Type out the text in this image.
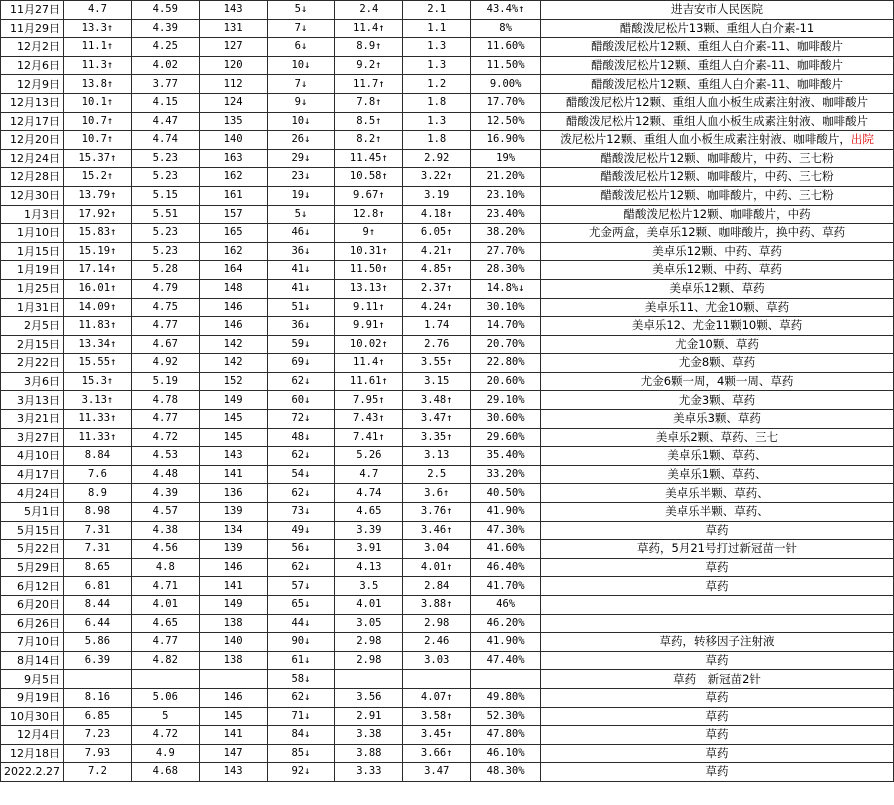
11月27日	4.7	4.59	143	5↓	2.4	2.1	43.4%↑	进吉安市人民医院
11月29日	13.3↑	4.39	131	7↓	11.4↑	1.1	8%	醋酸泼尼松片13颗、重组人白介素-11
12月2日	11.1↑	4.25	127	6↓	8.9↑	1.3	11.60%	醋酸泼尼松片12颗、重组人白介素-11、咖啡酸片
12月6日	11.3↑	4.02	120	10↓	9.2↑	1.3	11.50%	醋酸泼尼松片12颗、重组人白介素-11、咖啡酸片
12月9日	13.8↑	3.77	112	7↓	11.7↑	1.2	9.00%	醋酸泼尼松片12颗、重组人白介素-11、咖啡酸片
12月13日	10.1↑	4.15	124	9↓	7.8↑	1.8	17.70%	醋酸泼尼松片12颗、重组人血小板生成素注射液、咖啡酸片
12月17日	10.7↑	4.47	135	10↓	8.5↑	1.3	12.50%	醋酸泼尼松片12颗、重组人血小板生成素注射液、咖啡酸片
12月20日	10.7↑	4.74	140	26↓	8.2↑	1.8	16.90%	泼尼松片12颗、重组人血小板生成素注射液、咖啡酸片，出院
12月24日	15.37↑	5.23	163	29↓	11.45↑	2.92	19%	醋酸泼尼松片12颗、咖啡酸片，中药、三七粉
12月28日	15.2↑	5.23	162	23↓	10.58↑	3.22↑	21.20%	醋酸泼尼松片12颗、咖啡酸片，中药、三七粉
12月30日	13.79↑	5.15	161	19↓	9.67↑	3.19	23.10%	醋酸泼尼松片12颗、咖啡酸片，中药、三七粉
1月3日	17.92↑	5.51	157	5↓	12.8↑	4.18↑	23.40%	醋酸泼尼松片12颗、咖啡酸片，中药
1月10日	15.83↑	5.23	165	46↓	9↑	6.05↑	38.20%	尤金两盒，美卓乐12颗、咖啡酸片，换中药、草药
1月15日	15.19↑	5.23	162	36↓	10.31↑	4.21↑	27.70%	美卓乐12颗、中药、草药
1月19日	17.14↑	5.28	164	41↓	11.50↑	4.85↑	28.30%	美卓乐12颗、中药、草药
1月25日	16.01↑	4.79	148	41↓	13.13↑	2.37↑	14.8%↓	美卓乐12颗、草药
1月31日	14.09↑	4.75	146	51↓	9.11↑	4.24↑	30.10%	美卓乐11、尤金10颗、草药
2月5日	11.83↑	4.77	146	36↓	9.91↑	1.74	14.70%	美卓乐12、尤金11颗10颗、草药
2月15日	13.34↑	4.67	142	59↓	10.02↑	2.76	20.70%	尤金10颗、草药
2月22日	15.55↑	4.92	142	69↓	11.4↑	3.55↑	22.80%	尤金8颗、草药
3月6日	15.3↑	5.19	152	62↓	11.61↑	3.15	20.60%	尤金6颗一周，4颗一周、草药
3月13日	3.13↑	4.78	149	60↓	7.95↑	3.48↑	29.10%	尤金3颗、草药
3月21日	11.33↑	4.77	145	72↓	7.43↑	3.47↑	30.60%	美卓乐3颗、草药
3月27日	11.33↑	4.72	145	48↓	7.41↑	3.35↑	29.60%	美卓乐2颗、草药、三七
4月10日	8.84	4.53	143	62↓	5.26	3.13	35.40%	美卓乐1颗、草药、
4月17日	7.6	4.48	141	54↓	4.7	2.5	33.20%	美卓乐1颗、草药、
4月24日	8.9	4.39	136	62↓	4.74	3.6↑	40.50%	美卓乐半颗、草药、
5月1日	8.98	4.57	139	73↓	4.65	3.76↑	41.90%	美卓乐半颗、草药、
5月15日	7.31	4.38	134	49↓	3.39	3.46↑	47.30%	草药
5月22日	7.31	4.56	139	56↓	3.91	3.04	41.60%	草药，5月21号打过新冠苗一针
5月29日	8.65	4.8	146	62↓	4.13	4.01↑	46.40%	草药
6月12日	6.81	4.71	141	57↓	3.5	2.84	41.70%	草药
6月20日	8.44	4.01	149	65↓	4.01	3.88↑	46%	
6月26日	6.44	4.65	138	44↓	3.05	2.98	46.20%	
7月10日	5.86	4.77	140	90↓	2.98	2.46	41.90%	草药，转移因子注射液
8月14日	6.39	4.82	138	61↓	2.98	3.03	47.40%	草药
9月5日				58↓				草药　新冠苗2针
9月19日	8.16	5.06	146	62↓	3.56	4.07↑	49.80%	草药
10月30日	6.85	5	145	71↓	2.91	3.58↑	52.30%	草药
12月4日	7.23	4.72	141	84↓	3.38	3.45↑	47.80%	草药
12月18日	7.93	4.9	147	85↓	3.88	3.66↑	46.10%	草药
2022.2.27	7.2	4.68	143	92↓	3.33	3.47	48.30%	草药
